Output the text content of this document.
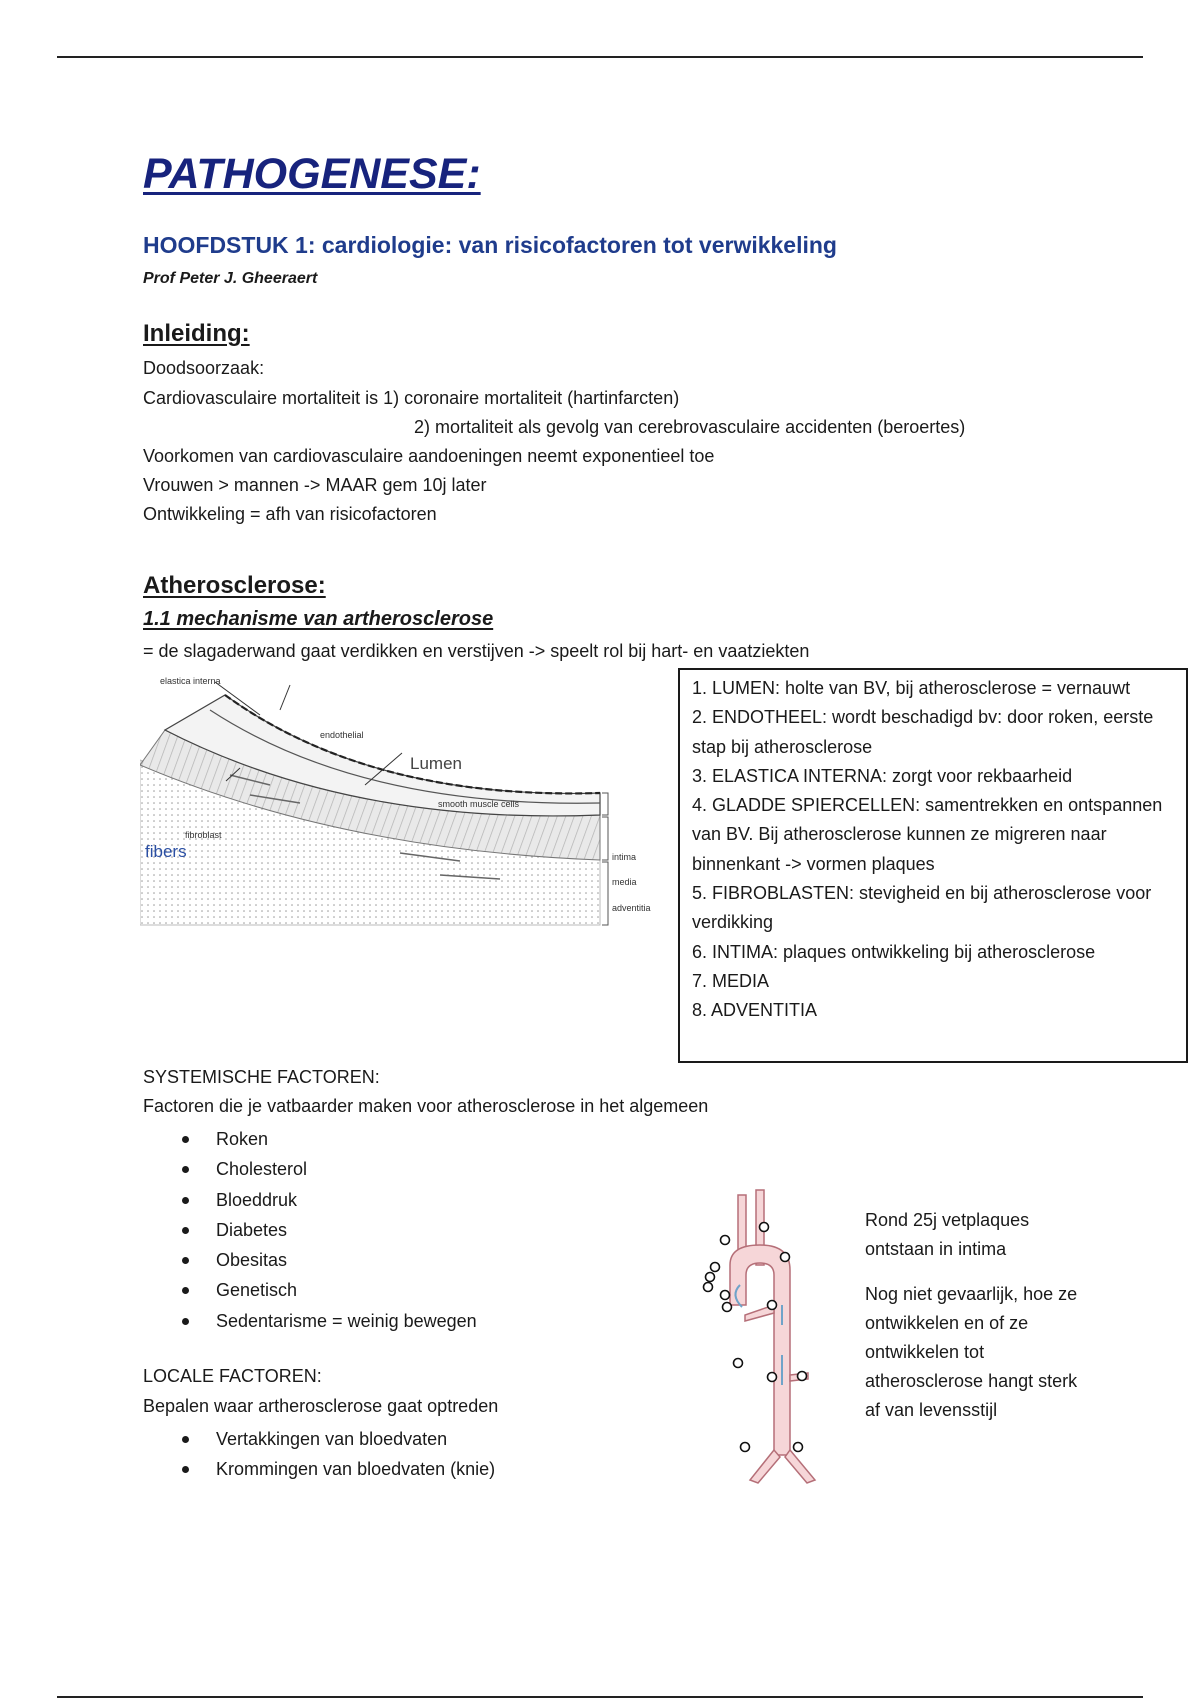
PATHOGENESE:
HOOFDSTUK 1: cardiologie: van risicofactoren tot verwikkeling
Prof Peter J. Gheeraert
Inleiding:
Doodsoorzaak:
Cardiovasculaire mortaliteit is 1) coronaire mortaliteit (hartinfarcten)
2) mortaliteit als gevolg van cerebrovasculaire accidenten (beroertes)
Voorkomen van cardiovasculaire aandoeningen neemt exponentieel toe
Vrouwen > mannen -> MAAR gem 10j later
Ontwikkeling = afh van risicofactoren
Atherosclerose:
1.1 mechanisme van artherosclerose
= de slagaderwand gaat verdikken en verstijven -> speelt rol bij hart- en vaatziekten
elastica interna
endothelial
Lumen
smooth muscle cells
fibroblast
fibers	intima
media
adventitia
1. LUMEN: holte van BV, bij atherosclerose = vernauwt
2. ENDOTHEEL: wordt beschadigd bv: door roken, eerste stap bij atherosclerose
3. ELASTICA INTERNA: zorgt voor rekbaarheid
4. GLADDE SPIERCELLEN: samentrekken en ontspannen van BV. Bij atherosclerose kunnen ze migreren naar binnenkant -> vormen plaques
5. FIBROBLASTEN: stevigheid en bij atherosclerose voor verdikking
6. INTIMA: plaques ontwikkeling bij atherosclerose
7. MEDIA
8. ADVENTITIA
SYSTEMISCHE FACTOREN:
Factoren die je vatbaarder maken voor atherosclerose in het algemeen
Roken
Cholesterol
Bloeddruk
Diabetes
Obesitas
Genetisch
Sedentarisme = weinig bewegen
LOCALE FACTOREN:
Bepalen waar artherosclerose gaat optreden
Vertakkingen van bloedvaten
Krommingen van bloedvaten (knie)
Rond 25j vetplaques ontstaan in intima
Nog niet gevaarlijk, hoe ze ontwikkelen en of ze ontwikkelen tot atherosclerose hangt sterk af van levensstijl
